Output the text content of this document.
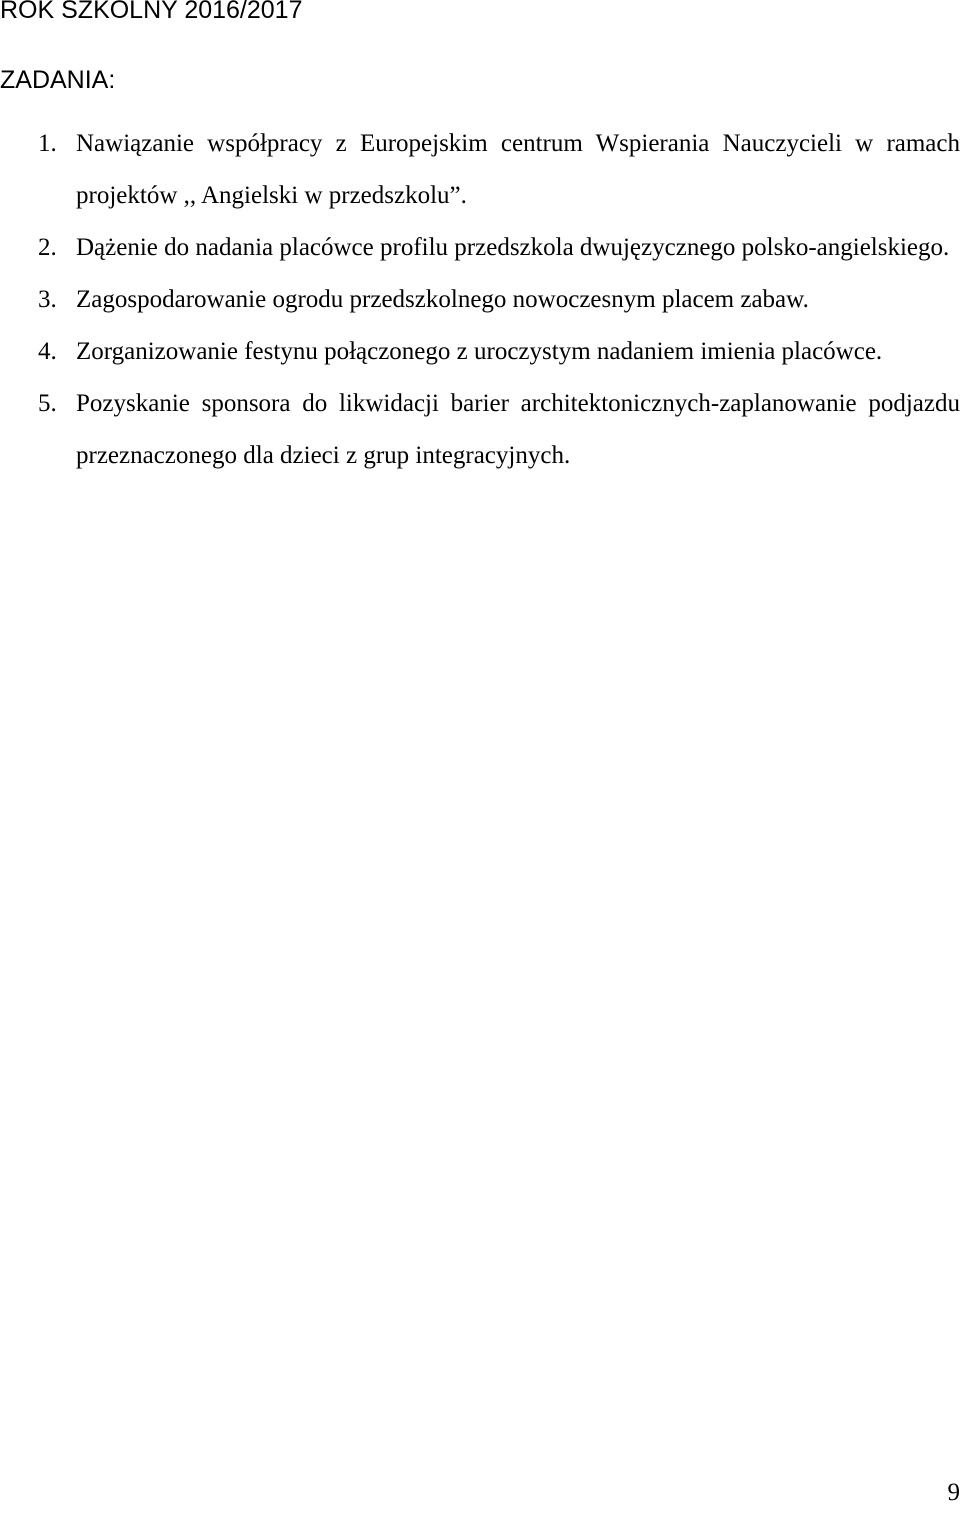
ROK SZKOLNY 2016/2017
ZADANIA:
1. Nawiązanie współpracy z Europejskim centrum Wspierania Nauczycieli w ramach projektów ,, Angielski w przedszkolu”.
2. Dążenie do nadania placówce profilu przedszkola dwujęzycznego polsko-angielskiego.
3. Zagospodarowanie ogrodu przedszkolnego nowoczesnym placem zabaw.
4. Zorganizowanie festynu połączonego z uroczystym nadaniem imienia placówce.
5. Pozyskanie sponsora do likwidacji barier architektonicznych-zaplanowanie podjazdu przeznaczonego dla dzieci z grup integracyjnych.
9
